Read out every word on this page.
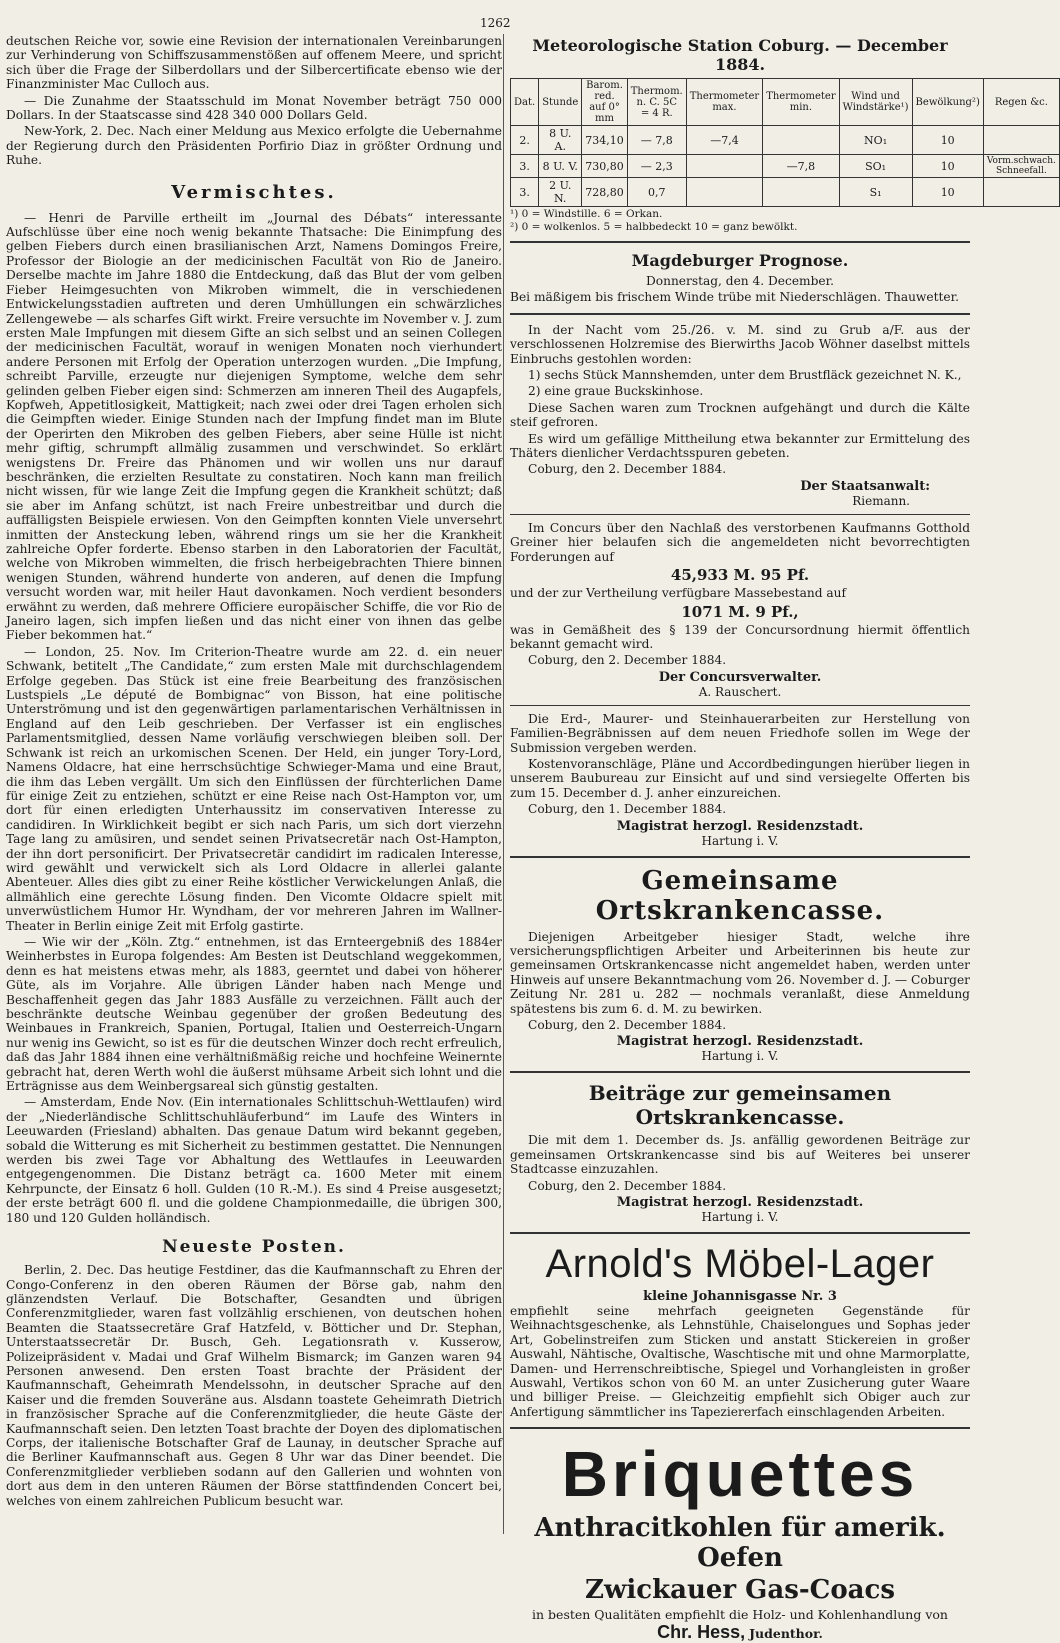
1262

deutschen Reiche vor, sowie eine Revision der internationalen Vereinbarungen zur Verhinderung von Schiffszusammenstößen auf offenem Meere, und spricht sich über die Frage der Silberdollars und der Silbercertificate ebenso wie der Finanzminister Mac Culloch aus.

— Die Zunahme der Staatsschuld im Monat November beträgt 750 000 Dollars. In der Staatscasse sind 428 340 000 Dollars Geld.

New-York, 2. Dec. Nach einer Meldung aus Mexico erfolgte die Uebernahme der Regierung durch den Präsidenten Porfirio Diaz in größter Ordnung und Ruhe.

Vermischtes.

— Henri de Parville ertheilt im „Journal des Débats“ interessante Aufschlüsse über eine noch wenig bekannte Thatsache: Die Einimpfung des gelben Fiebers durch einen brasilianischen Arzt, Namens Domingos Freire, Professor der Biologie an der medicinischen Facultät von Rio de Janeiro. Derselbe machte im Jahre 1880 die Entdeckung, daß das Blut der vom gelben Fieber Heimgesuchten von Mikroben wimmelt, die in verschiedenen Entwickelungsstadien auftreten und deren Umhüllungen ein schwärzliches Zellengewebe — als scharfes Gift wirkt. Freire versuchte im November v. J. zum ersten Male Impfungen mit diesem Gifte an sich selbst und an seinen Collegen der medicinischen Facultät, worauf in wenigen Monaten noch vierhundert andere Personen mit Erfolg der Operation unterzogen wurden. „Die Impfung, schreibt Parville, erzeugte nur diejenigen Symptome, welche dem sehr gelinden gelben Fieber eigen sind: Schmerzen am inneren Theil des Augapfels, Kopfweh, Appetitlosigkeit, Mattigkeit; nach zwei oder drei Tagen erholen sich die Geimpften wieder. Einige Stunden nach der Impfung findet man im Blute der Operirten den Mikroben des gelben Fiebers, aber seine Hülle ist nicht mehr giftig, schrumpft allmälig zusammen und verschwindet. So erklärt wenigstens Dr. Freire das Phänomen und wir wollen uns nur darauf beschränken, die erzielten Resultate zu constatiren. Noch kann man freilich nicht wissen, für wie lange Zeit die Impfung gegen die Krankheit schützt; daß sie aber im Anfang schützt, ist nach Freire unbestreitbar und durch die auffälligsten Beispiele erwiesen. Von den Geimpften konnten Viele unversehrt inmitten der Ansteckung leben, während rings um sie her die Krankheit zahlreiche Opfer forderte. Ebenso starben in den Laboratorien der Facultät, welche von Mikroben wimmelten, die frisch herbeigebrachten Thiere binnen wenigen Stunden, während hunderte von anderen, auf denen die Impfung versucht worden war, mit heiler Haut davonkamen. Noch verdient besonders erwähnt zu werden, daß mehrere Officiere europäischer Schiffe, die vor Rio de Janeiro lagen, sich impfen ließen und das nicht einer von ihnen das gelbe Fieber bekommen hat.“

— London, 25. Nov. Im Criterion-Theatre wurde am 22. d. ein neuer Schwank, betitelt „The Candidate,“ zum ersten Male mit durchschlagendem Erfolge gegeben. Das Stück ist eine freie Bearbeitung des französischen Lustspiels „Le député de Bombignac“ von Bisson, hat eine politische Unterströmung und ist den gegenwärtigen parlamentarischen Verhältnissen in England auf den Leib geschrieben. Der Verfasser ist ein englisches Parlamentsmitglied, dessen Name vorläufig verschwiegen bleiben soll. Der Schwank ist reich an urkomischen Scenen. Der Held, ein junger Tory-Lord, Namens Oldacre, hat eine herrschsüchtige Schwieger-Mama und eine Braut, die ihm das Leben vergällt. Um sich den Einflüssen der fürchterlichen Dame für einige Zeit zu entziehen, schützt er eine Reise nach Ost-Hampton vor, um dort für einen erledigten Unterhaussitz im conservativen Interesse zu candidiren. In Wirklichkeit begibt er sich nach Paris, um sich dort vierzehn Tage lang zu amüsiren, und sendet seinen Privatsecretär nach Ost-Hampton, der ihn dort personificirt. Der Privatsecretär candidirt im radicalen Interesse, wird gewählt und verwickelt sich als Lord Oldacre in allerlei galante Abenteuer. Alles dies gibt zu einer Reihe köstlicher Verwickelungen Anlaß, die allmählich eine gerechte Lösung finden. Den Vicomte Oldacre spielt mit unverwüstlichem Humor Hr. Wyndham, der vor mehreren Jahren im Wallner-Theater in Berlin einige Zeit mit Erfolg gastirte.

— Wie wir der „Köln. Ztg.“ entnehmen, ist das Ernteergebniß des 1884er Weinherbstes in Europa folgendes: Am Besten ist Deutschland weggekommen, denn es hat meistens etwas mehr, als 1883, geerntet und dabei von höherer Güte, als im Vorjahre. Alle übrigen Länder haben nach Menge und Beschaffenheit gegen das Jahr 1883 Ausfälle zu verzeichnen. Fällt auch der beschränkte deutsche Weinbau gegenüber der großen Bedeutung des Weinbaues in Frankreich, Spanien, Portugal, Italien und Oesterreich-Ungarn nur wenig ins Gewicht, so ist es für die deutschen Winzer doch recht erfreulich, daß das Jahr 1884 ihnen eine verhältnißmäßig reiche und hochfeine Weinernte gebracht hat, deren Werth wohl die äußerst mühsame Arbeit sich lohnt und die Erträgnisse aus dem Weinbergsareal sich günstig gestalten.

— Amsterdam, Ende Nov. (Ein internationales Schlittschuh-Wettlaufen) wird der „Niederländische Schlittschuhläuferbund“ im Laufe des Winters in Leeuwarden (Friesland) abhalten. Das genaue Datum wird bekannt gegeben, sobald die Witterung es mit Sicherheit zu bestimmen gestattet. Die Nennungen werden bis zwei Tage vor Abhaltung des Wettlaufes in Leeuwarden entgegengenommen. Die Distanz beträgt ca. 1600 Meter mit einem Kehrpuncte, der Einsatz 6 holl. Gulden (10 R.-M.). Es sind 4 Preise ausgesetzt; der erste beträgt 600 fl. und die goldene Championmedaille, die übrigen 300, 180 und 120 Gulden holländisch.

Neueste Posten.

Berlin, 2. Dec. Das heutige Festdiner, das die Kaufmannschaft zu Ehren der Congo-Conferenz in den oberen Räumen der Börse gab, nahm den glänzendsten Verlauf. Die Botschafter, Gesandten und übrigen Conferenzmitglieder, waren fast vollzählig erschienen, von deutschen hohen Beamten die Staatssecretäre Graf Hatzfeld, v. Bötticher und Dr. Stephan, Unterstaatssecretär Dr. Busch, Geh. Legationsrath v. Kusserow, Polizeipräsident v. Madai und Graf Wilhelm Bismarck; im Ganzen waren 94 Personen anwesend. Den ersten Toast brachte der Präsident der Kaufmannschaft, Geheimrath Mendelssohn, in deutscher Sprache auf den Kaiser und die fremden Souveräne aus. Alsdann toastete Geheimrath Dietrich in französischer Sprache auf die Conferenzmitglieder, die heute Gäste der Kaufmannschaft seien. Den letzten Toast brachte der Doyen des diplomatischen Corps, der italienische Botschafter Graf de Launay, in deutscher Sprache auf die Berliner Kaufmannschaft aus. Gegen 8 Uhr war das Diner beendet. Die Conferenzmitglieder verblieben sodann auf den Gallerien und wohnten von dort aus dem in den unteren Räumen der Börse stattfindenden Concert bei, welches von einem zahlreichen Publicum besucht war.

Meteorologische Station Coburg. — December 1884.
Dat.	Stunde	Barom. red. auf 0° mm	Thermom. n. C. 5C = 4 R.	Thermometer max.	Thermometer min.	Wind und Windstärke¹)	Bewölkung²)	Regen &c.
2.	8 U. A.	734,10	— 7,8	—7,4		NO₁	10	
3.	8 U. V.	730,80	— 2,3		—7,8	SO₁	10	Vorm.schwach. Schneefall.
3.	2 U. N.	728,80	0,7			S₁	10	
¹) 0 = Windstille. 6 = Orkan.
²) 0 = wolkenlos. 5 = halbbedeckt 10 = ganz bewölkt.
Magdeburger Prognose.

Donnerstag, den 4. December.

Bei mäßigem bis frischem Winde trübe mit Niederschlägen. Thauwetter.

In der Nacht vom 25./26. v. M. sind zu Grub a/F. aus der verschlossenen Holzremise des Bierwirths Jacob Wöhner daselbst mittels Einbruchs gestohlen worden:

1) sechs Stück Mannshemden, unter dem Brustfläck gezeichnet N. K.,

2) eine graue Buckskinhose.

Diese Sachen waren zum Trocknen aufgehängt und durch die Kälte steif gefroren.

Es wird um gefällige Mittheilung etwa bekannter zur Ermittelung des Thäters dienlicher Verdachtsspuren gebeten.

Coburg, den 2. December 1884.

Der Staatsanwalt:
Riemann.

Im Concurs über den Nachlaß des verstorbenen Kaufmanns Gotthold Greiner hier belaufen sich die angemeldeten nicht bevorrechtigten Forderungen auf

45,933 M. 95 Pf.

und der zur Vertheilung verfügbare Massebestand auf

1071 M. 9 Pf.,

was in Gemäßheit des § 139 der Concursordnung hiermit öffentlich bekannt gemacht wird.

Coburg, den 2. December 1884.

Der Concursverwalter.
A. Rauschert.

Die Erd-, Maurer- und Steinhauerarbeiten zur Herstellung von Familien-Begräbnissen auf dem neuen Friedhofe sollen im Wege der Submission vergeben werden.

Kostenvoranschläge, Pläne und Accordbedingungen hierüber liegen in unserem Baubureau zur Einsicht auf und sind versiegelte Offerten bis zum 15. December d. J. anher einzureichen.

Coburg, den 1. December 1884.

Magistrat herzogl. Residenzstadt.
Hartung i. V.
Gemeinsame Ortskrankencasse.

Diejenigen Arbeitgeber hiesiger Stadt, welche ihre versicherungspflichtigen Arbeiter und Arbeiterinnen bis heute zur gemeinsamen Ortskrankencasse nicht angemeldet haben, werden unter Hinweis auf unsere Bekanntmachung vom 26. November d. J. — Coburger Zeitung Nr. 281 u. 282 — nochmals veranlaßt, diese Anmeldung spätestens bis zum 6. d. M. zu bewirken.

Coburg, den 2. December 1884.

Magistrat herzogl. Residenzstadt.
Hartung i. V.
Beiträge zur gemeinsamen Ortskrankencasse.

Die mit dem 1. December ds. Js. anfällig gewordenen Beiträge zur gemeinsamen Ortskrankencasse sind bis auf Weiteres bei unserer Stadtcasse einzuzahlen.

Coburg, den 2. December 1884.

Magistrat herzogl. Residenzstadt.
Hartung i. V.
Arnold's Möbel-Lager
kleine Johannisgasse Nr. 3

empfiehlt seine mehrfach geeigneten Gegenstände für Weihnachtsgeschenke, als Lehnstühle, Chaiselongues und Sophas jeder Art, Gobelinstreifen zum Sticken und anstatt Stickereien in großer Auswahl, Nähtische, Ovaltische, Waschtische mit und ohne Marmorplatte, Damen- und Herrenschreibtische, Spiegel und Vorhangleisten in großer Auswahl, Vertikos schon von 60 M. an unter Zusicherung guter Waare und billiger Preise. — Gleichzeitig empfiehlt sich Obiger auch zur Anfertigung sämmtlicher ins Tapeziererfach einschlagenden Arbeiten.

Briquettes
Anthracitkohlen für amerik. Oefen
Zwickauer Gas-Coacs
in besten Qualitäten empfiehlt die Holz- und Kohlenhandlung von
Chr. Hess, Judenthor.
